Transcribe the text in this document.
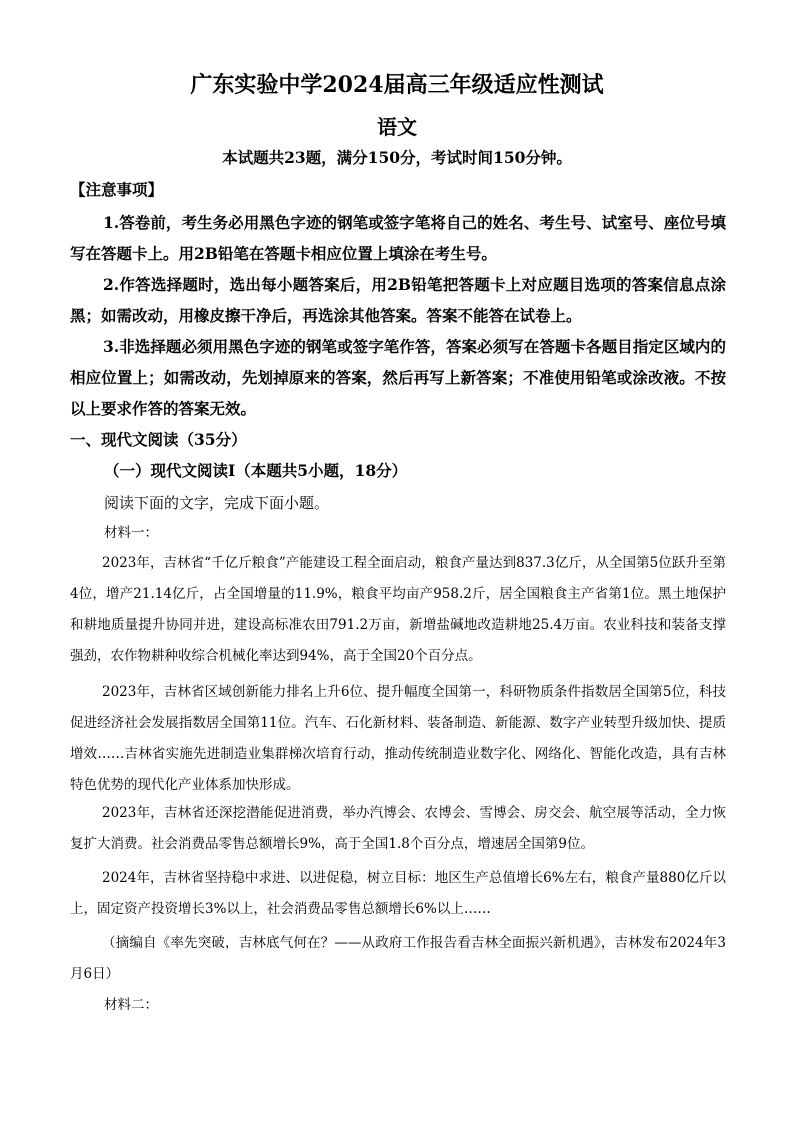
广东实验中学2024届高三年级适应性测试
语文
本试题共23题，满分150分，考试时间150分钟。
【注意事项】

1.答卷前，考生务必用黑色字迹的钢笔或签字笔将自己的姓名、考生号、试室号、座位号填写在答题卡上。用2B铅笔在答题卡相应位置上填涂在考生号。

2.作答选择题时，选出每小题答案后，用2B铅笔把答题卡上对应题目选项的答案信息点涂黑；如需改动，用橡皮擦干净后，再选涂其他答案。答案不能答在试卷上。

3.非选择题必须用黑色字迹的钢笔或签字笔作答，答案必须写在答题卡各题目指定区域内的相应位置上；如需改动，先划掉原来的答案，然后再写上新答案；不准使用铅笔或涂改液。不按以上要求作答的答案无效。

一、现代文阅读（35分）
（一）现代文阅读Ⅰ（本题共5小题，18分）
阅读下面的文字，完成下面小题。
材料一：

2023年，吉林省“千亿斤粮食”产能建设工程全面启动，粮食产量达到837.3亿斤，从全国第5位跃升至第4位，增产21.14亿斤，占全国增量的11.9%，粮食平均亩产958.2斤，居全国粮食主产省第1位。黑土地保护和耕地质量提升协同并进，建设高标准农田791.2万亩，新增盐碱地改造耕地25.4万亩。农业科技和装备支撑强劲，农作物耕种收综合机械化率达到94%，高于全国20个百分点。

2023年，吉林省区域创新能力排名上升6位、提升幅度全国第一，科研物质条件指数居全国第5位，科技促进经济社会发展指数居全国第11位。汽车、石化新材料、装备制造、新能源、数字产业转型升级加快、提质增效……吉林省实施先进制造业集群梯次培育行动，推动传统制造业数字化、网络化、智能化改造，具有吉林特色优势的现代化产业体系加快形成。

2023年，吉林省还深挖潜能促进消费，举办汽博会、农博会、雪博会、房交会、航空展等活动，全力恢复扩大消费。社会消费品零售总额增长9%，高于全国1.8个百分点，增速居全国第9位。

2024年，吉林省坚持稳中求进、以进促稳，树立目标：地区生产总值增长6%左右，粮食产量880亿斤以上，固定资产投资增长3%以上，社会消费品零售总额增长6%以上……

（摘编自《率先突破，吉林底气何在？——从政府工作报告看吉林全面振兴新机遇》，吉林发布2024年3月6日）

材料二：
